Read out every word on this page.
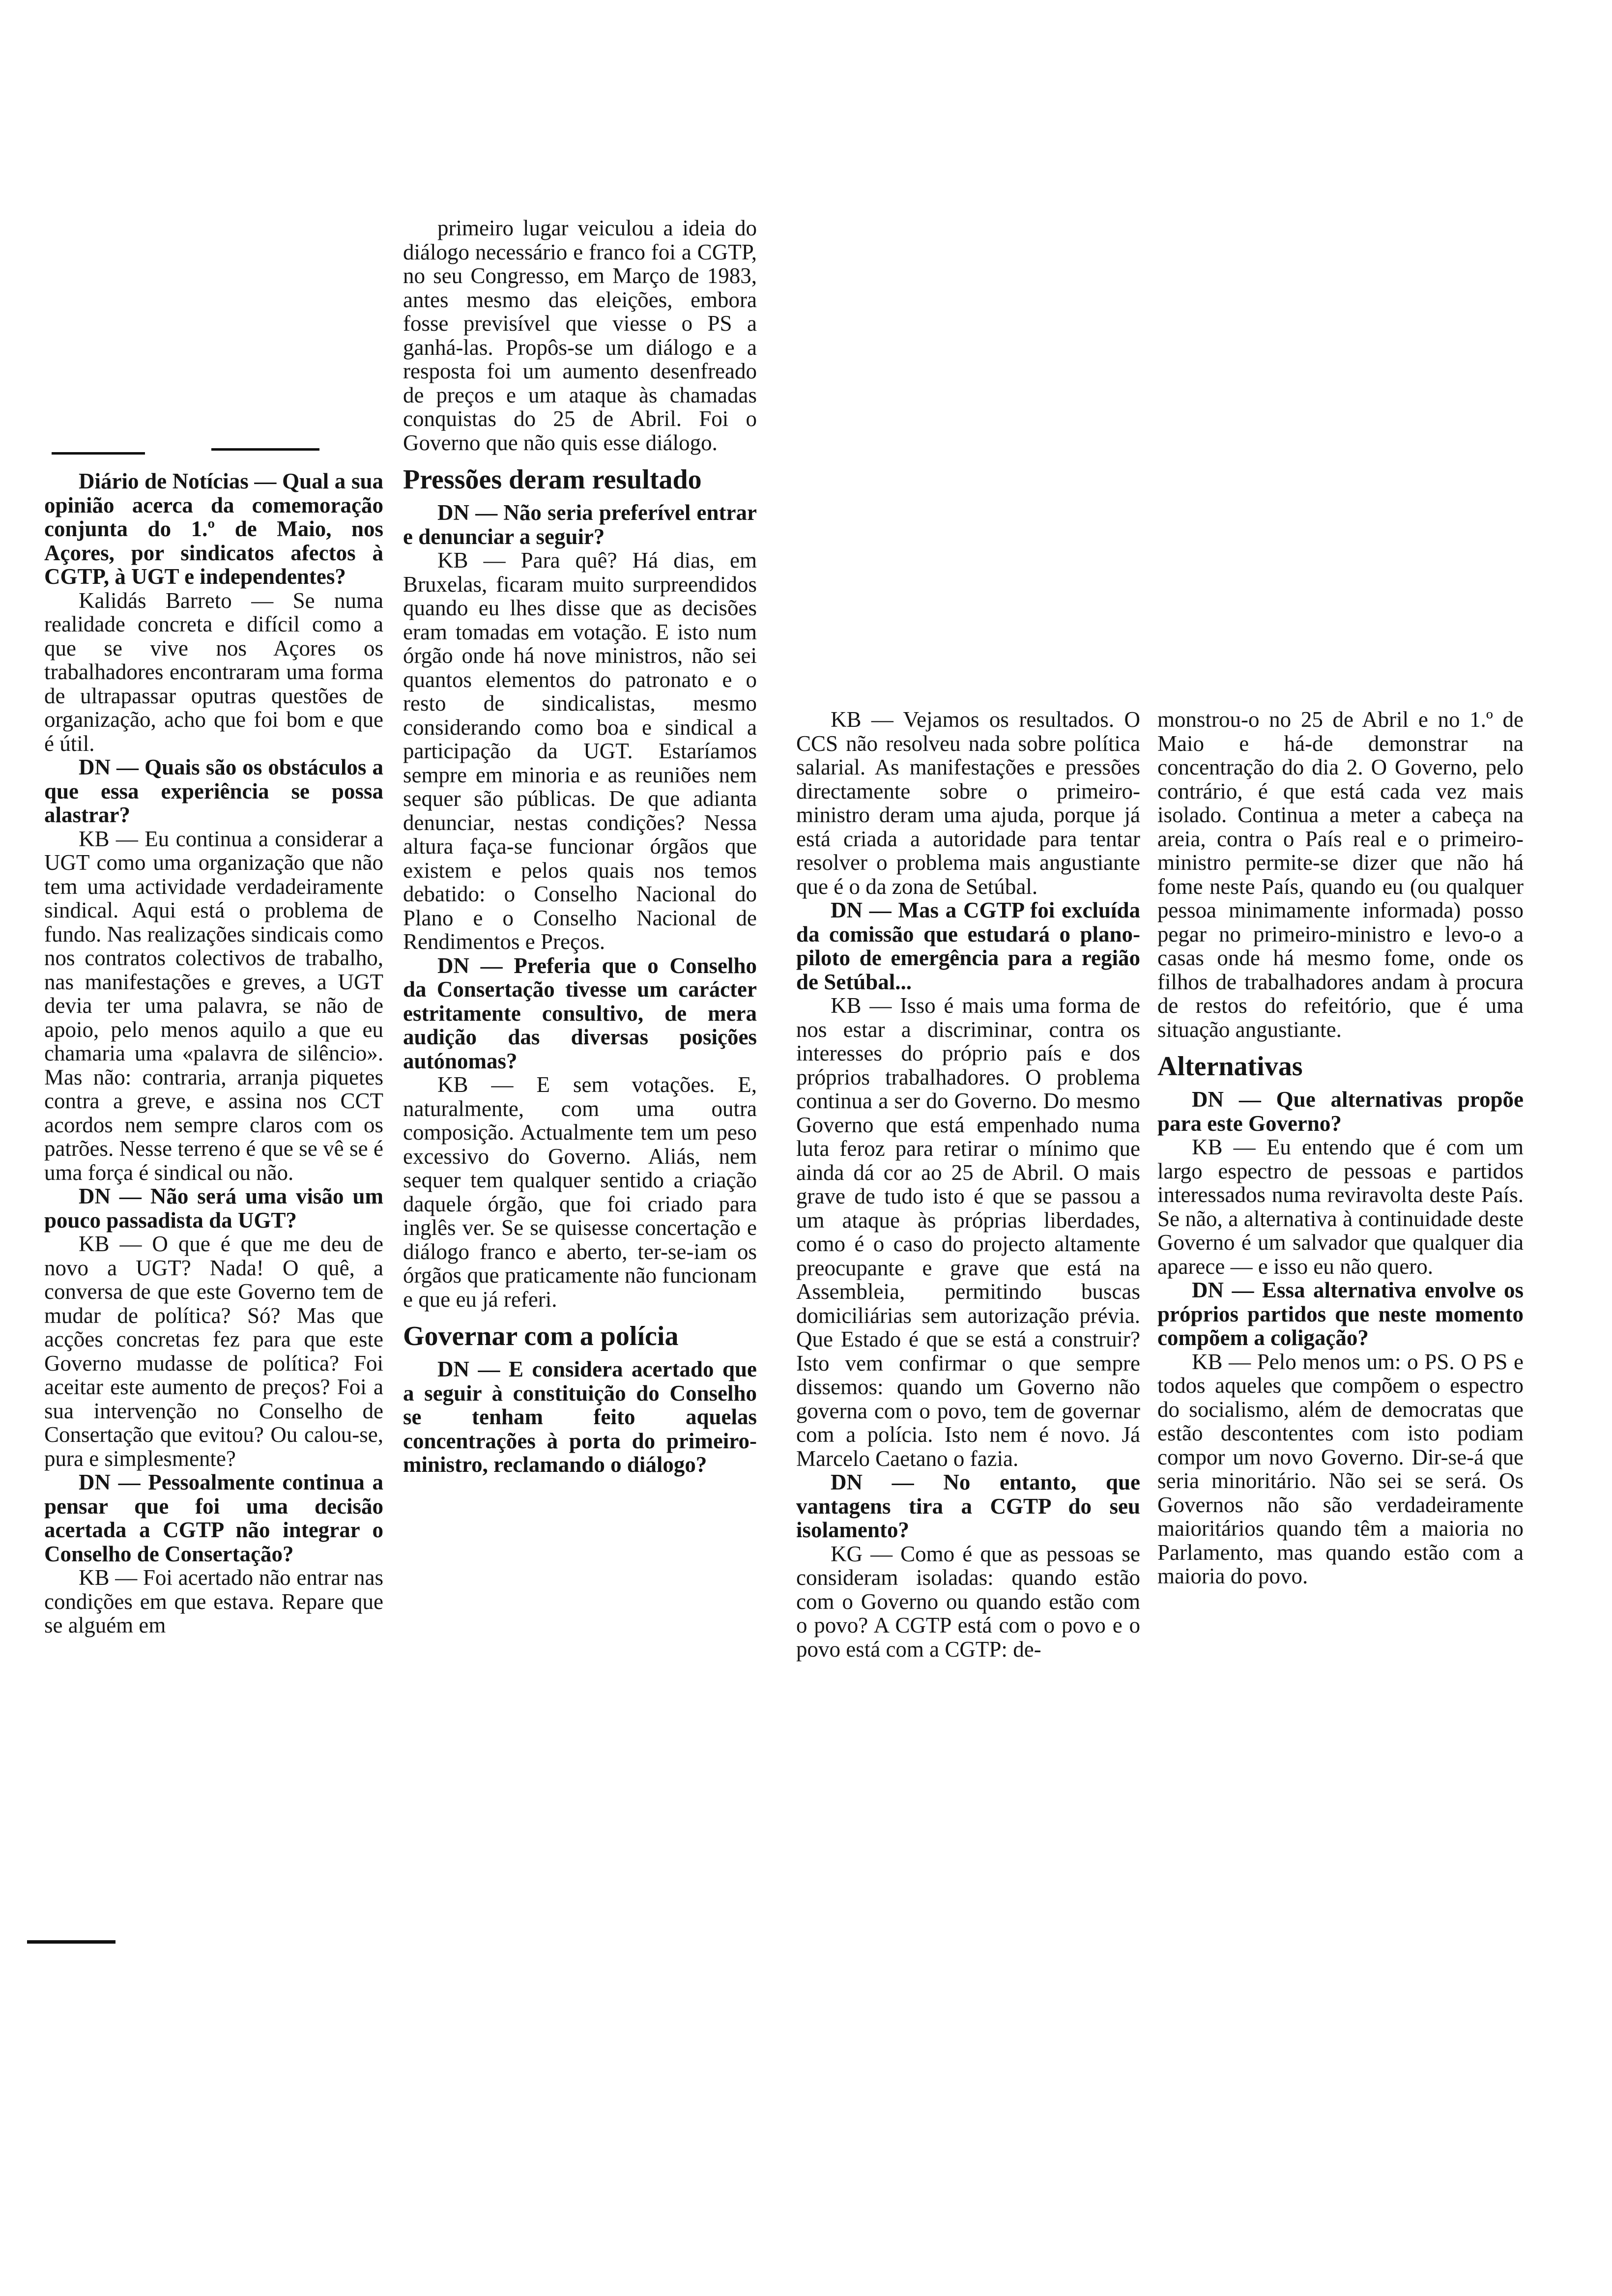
Diário de Notícias — Qual a sua opinião acerca da comemoração conjunta do 1.º de Maio, nos Açores, por sindicatos afectos à CGTP, à UGT e independentes?

Kalidás Barreto — Se numa realidade concreta e difícil como a que se vive nos Açores os trabalhadores encontraram uma forma de ultrapassar oputras questões de organização, acho que foi bom e que é útil.

DN — Quais são os obstáculos a que essa experiência se possa alastrar?

KB — Eu continua a considerar a UGT como uma organização que não tem uma actividade verdadeiramente sindical. Aqui está o problema de fundo. Nas realizações sindicais como nos contratos colectivos de trabalho, nas manifestações e greves, a UGT devia ter uma palavra, se não de apoio, pelo menos aquilo a que eu chamaria uma «palavra de silêncio». Mas não: contraria, arranja piquetes contra a greve, e assina nos CCT acordos nem sempre claros com os patrões. Nesse terreno é que se vê se é uma força é sindical ou não.

DN — Não será uma visão um pouco passadista da UGT?

KB — O que é que me deu de novo a UGT? Nada! O quê, a conversa de que este Governo tem de mudar de política? Só? Mas que acções concretas fez para que este Governo mudasse de política? Foi aceitar este aumento de preços? Foi a sua intervenção no Conselho de Consertação que evitou? Ou calou-se, pura e simplesmente?

DN — Pessoalmente continua a pensar que foi uma decisão acertada a CGTP não integrar o Conselho de Consertação?

KB — Foi acertado não entrar nas condições em que estava. Repare que se alguém em

primeiro lugar veiculou a ideia do diálogo necessário e franco foi a CGTP, no seu Congresso, em Março de 1983, antes mesmo das eleições, embora fosse previsível que viesse o PS a ganhá-las. Propôs-se um diálogo e a resposta foi um aumento desenfreado de preços e um ataque às chamadas conquistas do 25 de Abril. Foi o Governo que não quis esse diálogo.

Pressões deram resultado

DN — Não seria preferível entrar e denunciar a seguir?

KB — Para quê? Há dias, em Bruxelas, ficaram muito surpreendidos quando eu lhes disse que as decisões eram tomadas em votação. E isto num órgão onde há nove ministros, não sei quantos elementos do patronato e o resto de sindicalistas, mesmo considerando como boa e sindical a participação da UGT. Estaríamos sempre em minoria e as reuniões nem sequer são públicas. De que adianta denunciar, nestas condições? Nessa altura faça-se funcionar órgãos que existem e pelos quais nos temos debatido: o Conselho Nacional do Plano e o Conselho Nacional de Rendimentos e Preços.

DN — Preferia que o Conselho da Consertação tivesse um carácter estritamente consultivo, de mera audição das diversas posições autónomas?

KB — E sem votações. E, naturalmente, com uma outra composição. Actualmente tem um peso excessivo do Governo. Aliás, nem sequer tem qualquer sentido a criação daquele órgão, que foi criado para inglês ver. Se se quisesse concertação e diálogo franco e aberto, ter-se-iam os órgãos que praticamente não funcionam e que eu já referi.

Governar com a polícia

DN — E considera acertado que a seguir à constituição do Conselho se tenham feito aquelas concentrações à porta do primeiro-ministro, reclamando o diálogo?

KB — Vejamos os resultados. O CCS não resolveu nada sobre política salarial. As manifestações e pressões directamente sobre o primeiro-ministro deram uma ajuda, porque já está criada a autoridade para tentar resolver o problema mais angustiante que é o da zona de Setúbal.

DN — Mas a CGTP foi excluída da comissão que estudará o plano-piloto de emergência para a região de Setúbal...

KB — Isso é mais uma forma de nos estar a discriminar, contra os interesses do próprio país e dos próprios trabalhadores. O problema continua a ser do Governo. Do mesmo Governo que está empenhado numa luta feroz para retirar o mínimo que ainda dá cor ao 25 de Abril. O mais grave de tudo isto é que se passou a um ataque às próprias liberdades, como é o caso do projecto altamente preocupante e grave que está na Assembleia, permitindo buscas domiciliárias sem autorização prévia. Que Estado é que se está a construir? Isto vem confirmar o que sempre dissemos: quando um Governo não governa com o povo, tem de governar com a polícia. Isto nem é novo. Já Marcelo Caetano o fazia.

DN — No entanto, que vantagens tira a CGTP do seu isolamento?

KG — Como é que as pessoas se consideram isoladas: quando estão com o Governo ou quando estão com o povo? A CGTP está com o povo e o povo está com a CGTP: de-

monstrou-o no 25 de Abril e no 1.º de Maio e há-de demonstrar na concentração do dia 2. O Governo, pelo contrário, é que está cada vez mais isolado. Continua a meter a cabeça na areia, contra o País real e o primeiro-ministro permite-se dizer que não há fome neste País, quando eu (ou qualquer pessoa minimamente informada) posso pegar no primeiro-ministro e levo-o a casas onde há mesmo fome, onde os filhos de trabalhadores andam à procura de restos do refeitório, que é uma situação angustiante.

Alternativas

DN — Que alternativas propõe para este Governo?

KB — Eu entendo que é com um largo espectro de pessoas e partidos interessados numa reviravolta deste País. Se não, a alternativa à continuidade deste Governo é um salvador que qualquer dia aparece — e isso eu não quero.

DN — Essa alternativa envolve os próprios partidos que neste momento compõem a coligação?

KB — Pelo menos um: o PS. O PS e todos aqueles que compõem o espectro do socialismo, além de democratas que estão descontentes com isto podiam compor um novo Governo. Dir-se-á que seria minoritário. Não sei se será. Os Governos não são verdadeiramente maioritários quando têm a maioria no Parlamento, mas quando estão com a maioria do povo.
